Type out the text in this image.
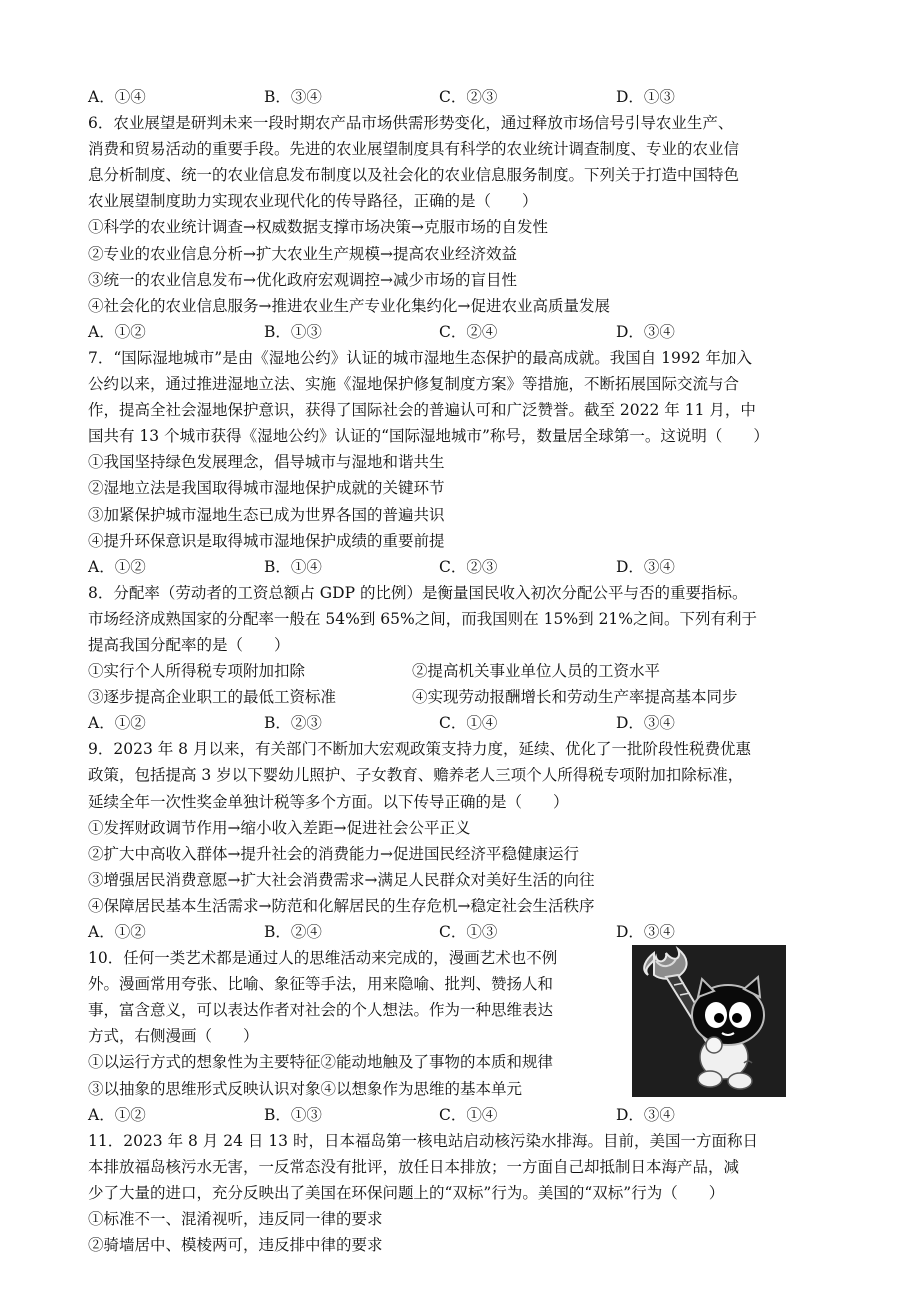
A．①④	B．③④	C．②③	D．①③
6．农业展望是研判未来一段时期农产品市场供需形势变化，通过释放市场信号引导农业生产、
消费和贸易活动的重要手段。先进的农业展望制度具有科学的农业统计调查制度、专业的农业信
息分析制度、统一的农业信息发布制度以及社会化的农业信息服务制度。下列关于打造中国特色
农业展望制度助力实现农业现代化的传导路径，正确的是（　　）
①科学的农业统计调查→权威数据支撑市场决策→克服市场的自发性
②专业的农业信息分析→扩大农业生产规模→提高农业经济效益
③统一的农业信息发布→优化政府宏观调控→减少市场的盲目性
④社会化的农业信息服务→推进农业生产专业化集约化→促进农业高质量发展
A．①②	B．①③	C．②④	D．③④
7．“国际湿地城市”是由《湿地公约》认证的城市湿地生态保护的最高成就。我国自 1992 年加入
公约以来，通过推进湿地立法、实施《湿地保护修复制度方案》等措施，不断拓展国际交流与合
作，提高全社会湿地保护意识，获得了国际社会的普遍认可和广泛赞誉。截至 2022 年 11 月，中
国共有 13 个城市获得《湿地公约》认证的“国际湿地城市”称号，数量居全球第一。这说明（　　）
①我国坚持绿色发展理念，倡导城市与湿地和谐共生
②湿地立法是我国取得城市湿地保护成就的关键环节
③加紧保护城市湿地生态已成为世界各国的普遍共识
④提升环保意识是取得城市湿地保护成绩的重要前提
A．①②	B．①④	C．②③	D．③④
8．分配率（劳动者的工资总额占 GDP 的比例）是衡量国民收入初次分配公平与否的重要指标。
市场经济成熟国家的分配率一般在 54%到 65%之间，而我国则在 15%到 21%之间。下列有利于
提高我国分配率的是（　　）
①实行个人所得税专项附加扣除	②提高机关事业单位人员的工资水平
③逐步提高企业职工的最低工资标准	④实现劳动报酬增长和劳动生产率提高基本同步
A．①②	B．②③	C．①④	D．③④
9．2023 年 8 月以来，有关部门不断加大宏观政策支持力度，延续、优化了一批阶段性税费优惠
政策，包括提高 3 岁以下婴幼儿照护、子女教育、赡养老人三项个人所得税专项附加扣除标准，
延续全年一次性奖金单独计税等多个方面。以下传导正确的是（　　）
①发挥财政调节作用→缩小收入差距→促进社会公平正义
②扩大中高收入群体→提升社会的消费能力→促进国民经济平稳健康运行
③增强居民消费意愿→扩大社会消费需求→满足人民群众对美好生活的向往
④保障居民基本生活需求→防范和化解居民的生存危机→稳定社会生活秩序
A．①②	B．②④	C．①③	D．③④
10．任何一类艺术都是通过人的思维活动来完成的，漫画艺术也不例
外。漫画常用夸张、比喻、象征等手法，用来隐喻、批判、赞扬人和
事，富含意义，可以表达作者对社会的个人想法。作为一种思维表达
方式，右侧漫画（　　）
①以运行方式的想象性为主要特征②能动地触及了事物的本质和规律
③以抽象的思维形式反映认识对象④以想象作为思维的基本单元
A．①②	B．①③	C．①④	D．③④
11．2023 年 8 月 24 日 13 时，日本福岛第一核电站启动核污染水排海。目前，美国一方面称日
本排放福岛核污水无害，一反常态没有批评，放任日本排放；一方面自己却抵制日本海产品，减
少了大量的进口，充分反映出了美国在环保问题上的“双标”行为。美国的“双标”行为（　　）
①标准不一、混淆视听，违反同一律的要求
②骑墙居中、模棱两可，违反排中律的要求
